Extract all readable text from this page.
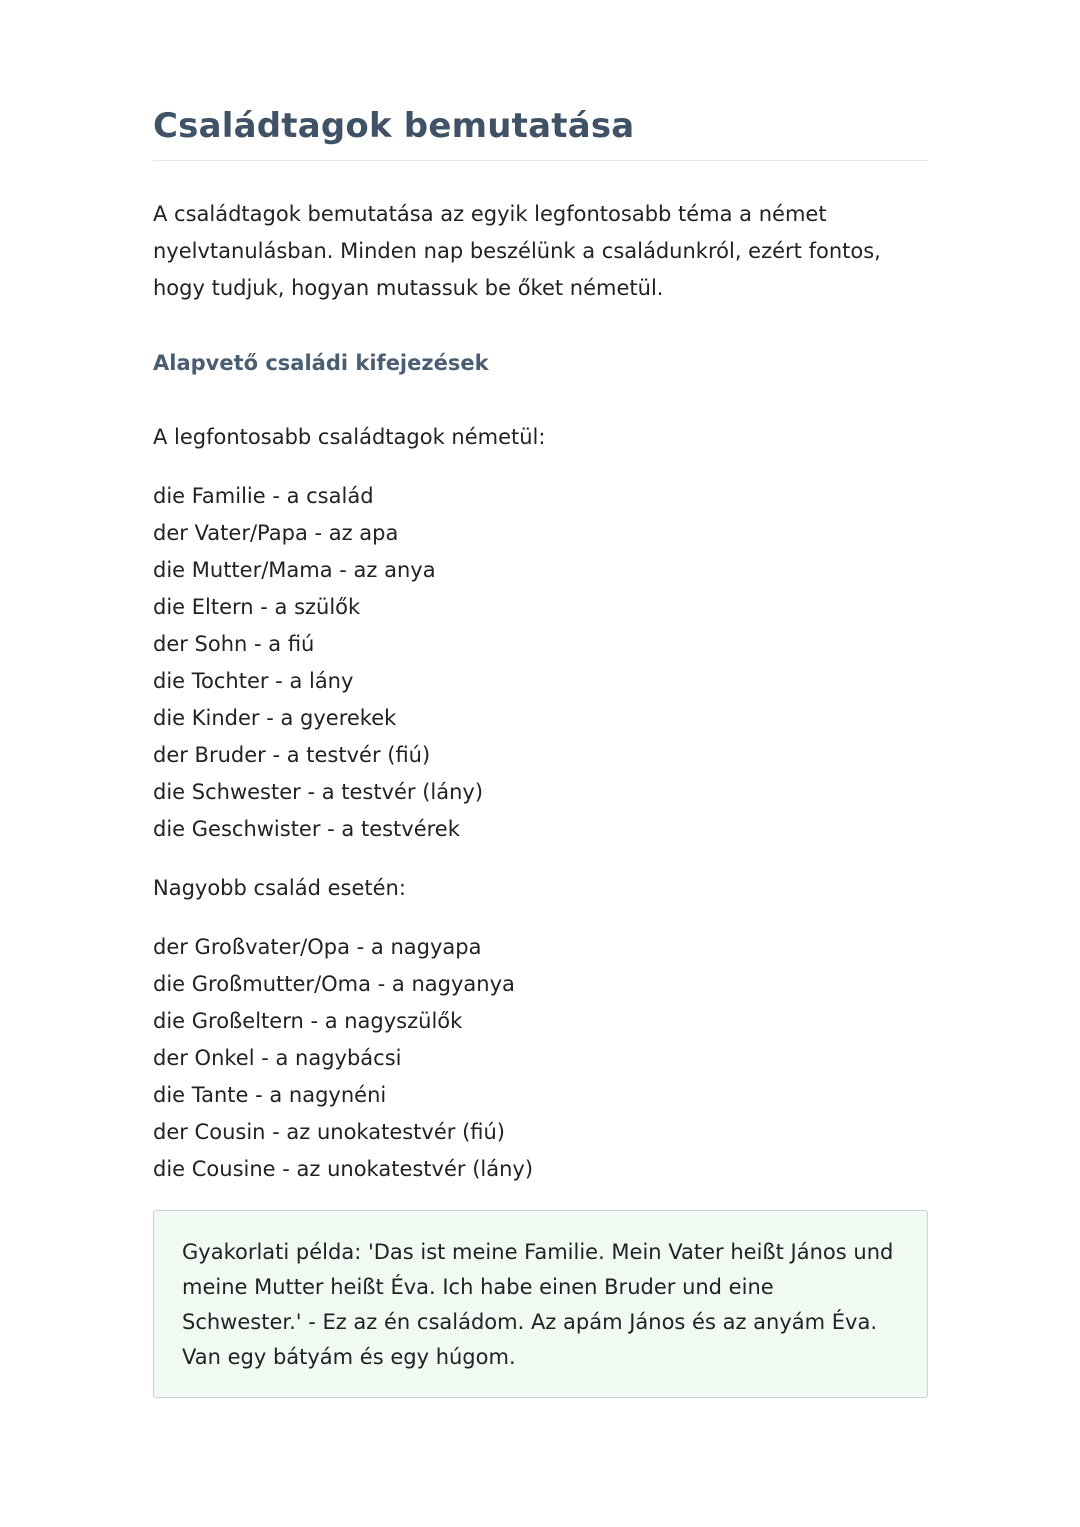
Családtagok bemutatása

A családtagok bemutatása az egyik legfontosabb téma a német nyelvtanulásban. Minden nap beszélünk a családunkról, ezért fontos, hogy tudjuk, hogyan mutassuk be őket németül.

Alapvető családi kifejezések

A legfontosabb családtagok németül:

die Familie - a család
der Vater/Papa - az apa
die Mutter/Mama - az anya
die Eltern - a szülők
der Sohn - a fiú
die Tochter - a lány
die Kinder - a gyerekek
der Bruder - a testvér (fiú)
die Schwester - a testvér (lány)
die Geschwister - a testvérek

Nagyobb család esetén:

der Großvater/Opa - a nagyapa
die Großmutter/Oma - a nagyanya
die Großeltern - a nagyszülők
der Onkel - a nagybácsi
die Tante - a nagynéni
der Cousin - az unokatestvér (fiú)
die Cousine - az unokatestvér (lány)

Gyakorlati példa: 'Das ist meine Familie. Mein Vater heißt János und meine Mutter heißt Éva. Ich habe einen Bruder und eine Schwester.' - Ez az én családom. Az apám János és az anyám Éva. Van egy bátyám és egy húgom.
